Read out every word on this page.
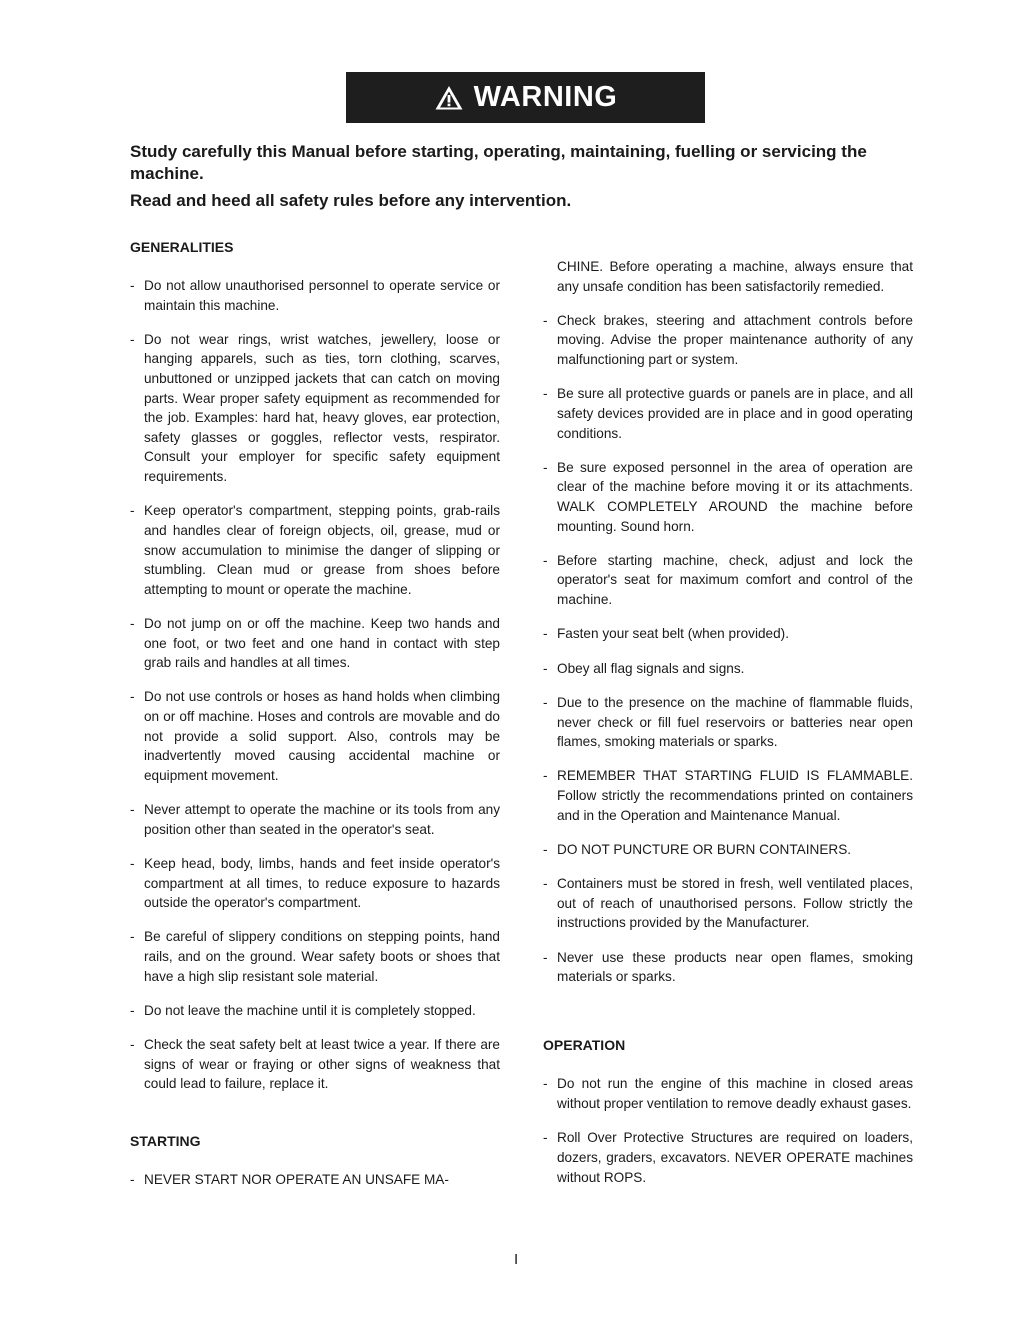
WARNING

Study carefully this Manual before starting, operating, maintaining, fuelling or servicing the machine.

Read and heed all safety rules before any intervention.

GENERALITIES
- Do not allow unauthorised personnel to operate service or maintain this machine.
- Do not wear rings, wrist watches, jewellery, loose or hanging apparels, such as ties, torn clothing, scarves, unbuttoned or unzipped jackets that can catch on moving parts. Wear proper safety equipment as recommended for the job. Examples: hard hat, heavy gloves, ear protection, safety glasses or goggles, reflector vests, respirator. Consult your employer for specific safety equipment requirements.
- Keep operator's compartment, stepping points, grab-rails and handles clear of foreign objects, oil, grease, mud or snow accumulation to minimise the danger of slipping or stumbling. Clean mud or grease from shoes before attempting to mount or operate the machine.
- Do not jump on or off the machine. Keep two hands and one foot, or two feet and one hand in contact with step grab rails and handles at all times.
- Do not use controls or hoses as hand holds when climbing on or off machine. Hoses and controls are movable and do not provide a solid support. Also, controls may be inadvertently moved causing accidental machine or equipment movement.
- Never attempt to operate the machine or its tools from any position other than seated in the operator's seat.
- Keep head, body, limbs, hands and feet inside operator's compartment at all times, to reduce exposure to hazards outside the operator's compartment.
- Be careful of slippery conditions on stepping points, hand rails, and on the ground. Wear safety boots or shoes that have a high slip resistant sole material.
- Do not leave the machine until it is completely stopped.
- Check the seat safety belt at least twice a year. If there are signs of wear or fraying or other signs of weakness that could lead to failure, replace it.
STARTING
- NEVER START NOR OPERATE AN UNSAFE MA-
CHINE. Before operating a machine, always ensure that any unsafe condition has been satisfactorily remedied.
- Check brakes, steering and attachment controls before moving. Advise the proper maintenance authority of any malfunctioning part or system.
- Be sure all protective guards or panels are in place, and all safety devices provided are in place and in good operating conditions.
- Be sure exposed personnel in the area of operation are clear of the machine before moving it or its attachments. WALK COMPLETELY AROUND the machine before mounting. Sound horn.
- Before starting machine, check, adjust and lock the operator's seat for maximum comfort and control of the machine.
- Fasten your seat belt (when provided).
- Obey all flag signals and signs.
- Due to the presence on the machine of flammable fluids, never check or fill fuel reservoirs or batteries near open flames, smoking materials or sparks.
- REMEMBER THAT STARTING FLUID IS FLAMMABLE. Follow strictly the recommendations printed on containers and in the Operation and Maintenance Manual.
- DO NOT PUNCTURE OR BURN CONTAINERS.
- Containers must be stored in fresh, well ventilated places, out of reach of unauthorised persons. Follow strictly the instructions provided by the Manufacturer.
- Never use these products near open flames, smoking materials or sparks.
OPERATION
- Do not run the engine of this machine in closed areas without proper ventilation to remove deadly exhaust gases.
- Roll Over Protective Structures are required on loaders, dozers, graders, excavators. NEVER OPERATE machines without ROPS.
I
